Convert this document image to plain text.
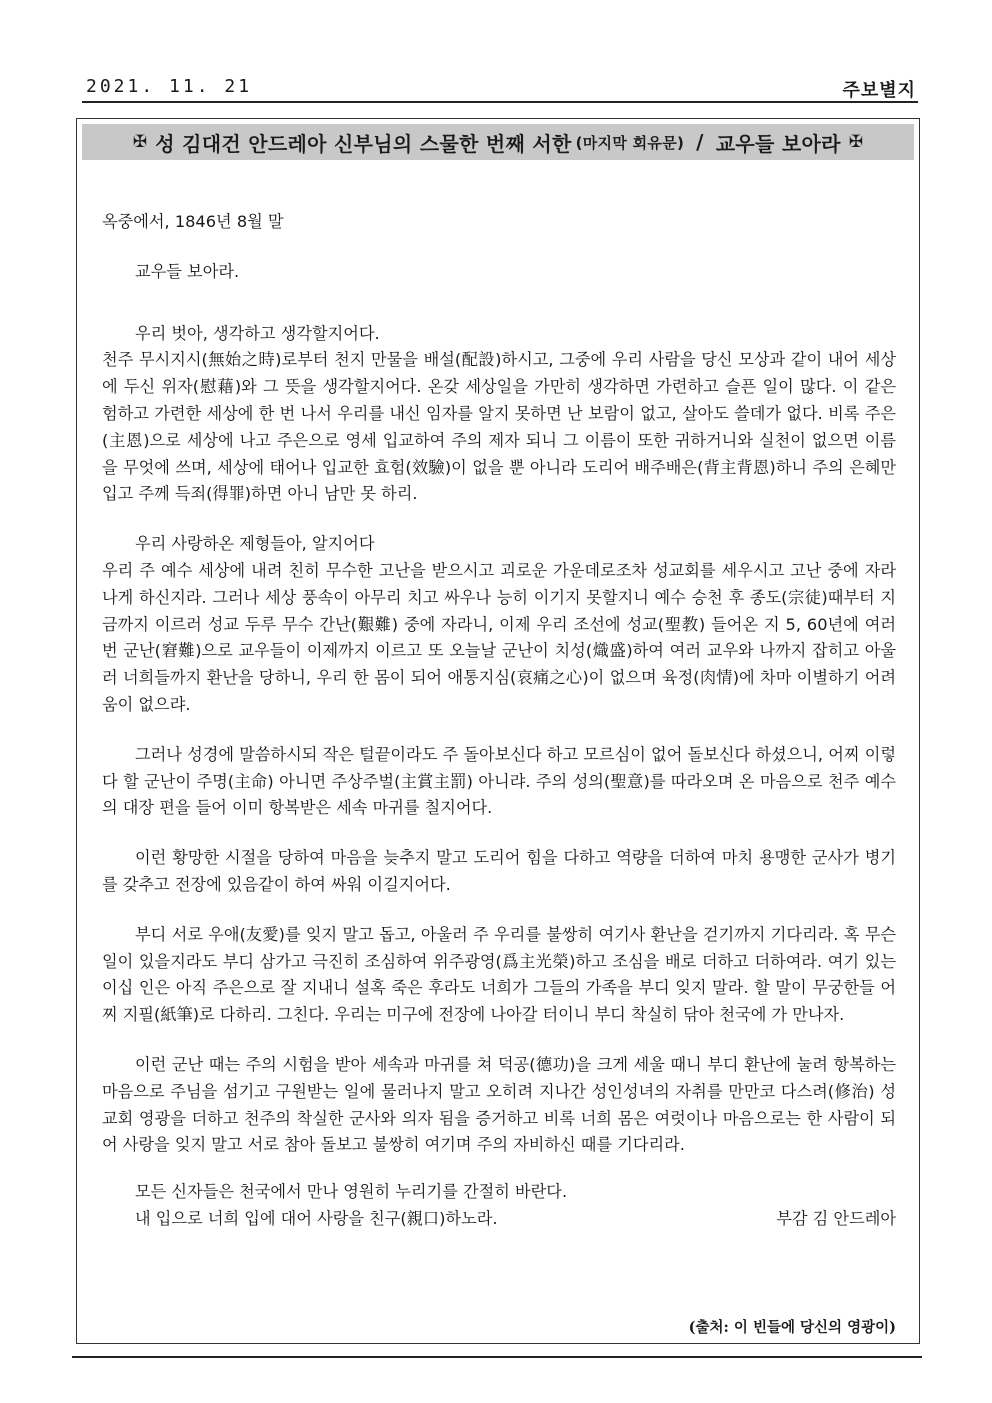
2021. 11. 21	주보별지
✠ 성 김대건 안드레아 신부님의 스물한 번째 서한 (마지막 회유문) / 교우들 보아라 ✠

옥중에서, 1846년 8월 말

교우들 보아라.

우리 벗아, 생각하고 생각할지어다.

천주 무시지시(無始之時)로부터 천지 만물을 배설(配設)하시고, 그중에 우리 사람을 당신 모상과 같이 내어 세상에 두신 위자(慰藉)와 그 뜻을 생각할지어다. 온갖 세상일을 가만히 생각하면 가련하고 슬픈 일이 많다. 이 같은 험하고 가련한 세상에 한 번 나서 우리를 내신 임자를 알지 못하면 난 보람이 없고, 살아도 쓸데가 없다. 비록 주은(主恩)으로 세상에 나고 주은으로 영세 입교하여 주의 제자 되니 그 이름이 또한 귀하거니와 실천이 없으면 이름을 무엇에 쓰며, 세상에 태어나 입교한 효험(效驗)이 없을 뿐 아니라 도리어 배주배은(背主背恩)하니 주의 은혜만 입고 주께 득죄(得罪)하면 아니 남만 못 하리.

우리 사랑하온 제형들아, 알지어다

우리 주 예수 세상에 내려 친히 무수한 고난을 받으시고 괴로운 가운데로조차 성교회를 세우시고 고난 중에 자라나게 하신지라. 그러나 세상 풍속이 아무리 치고 싸우나 능히 이기지 못할지니 예수 승천 후 종도(宗徒)때부터 지금까지 이르러 성교 두루 무수 간난(艱難) 중에 자라니, 이제 우리 조선에 성교(聖教) 들어온 지 5, 60년에 여러 번 군난(窘難)으로 교우들이 이제까지 이르고 또 오늘날 군난이 치성(熾盛)하여 여러 교우와 나까지 잡히고 아울러 너희들까지 환난을 당하니, 우리 한 몸이 되어 애통지심(哀痛之心)이 없으며 육정(肉情)에 차마 이별하기 어려움이 없으랴.

그러나 성경에 말씀하시되 작은 털끝이라도 주 돌아보신다 하고 모르심이 없어 돌보신다 하셨으니, 어찌 이렇다 할 군난이 주명(主命) 아니면 주상주벌(主賞主罰) 아니랴. 주의 성의(聖意)를 따라오며 온 마음으로 천주 예수의 대장 편을 들어 이미 항복받은 세속 마귀를 칠지어다.

이런 황망한 시절을 당하여 마음을 늦추지 말고 도리어 힘을 다하고 역량을 더하여 마치 용맹한 군사가 병기를 갖추고 전장에 있음같이 하여 싸워 이길지어다.

부디 서로 우애(友愛)를 잊지 말고 돕고, 아울러 주 우리를 불쌍히 여기사 환난을 걷기까지 기다리라. 혹 무슨 일이 있을지라도 부디 삼가고 극진히 조심하여 위주광영(爲主光榮)하고 조심을 배로 더하고 더하여라. 여기 있는 이십 인은 아직 주은으로 잘 지내니 설혹 죽은 후라도 너희가 그들의 가족을 부디 잊지 말라. 할 말이 무궁한들 어찌 지필(紙筆)로 다하리. 그친다. 우리는 미구에 전장에 나아갈 터이니 부디 착실히 닦아 천국에 가 만나자.

이런 군난 때는 주의 시험을 받아 세속과 마귀를 쳐 덕공(德功)을 크게 세울 때니 부디 환난에 눌려 항복하는 마음으로 주님을 섬기고 구원받는 일에 물러나지 말고 오히려 지나간 성인성녀의 자취를 만만코 다스려(修治) 성교회 영광을 더하고 천주의 착실한 군사와 의자 됨을 증거하고 비록 너희 몸은 여럿이나 마음으로는 한 사람이 되어 사랑을 잊지 말고 서로 참아 돌보고 불쌍히 여기며 주의 자비하신 때를 기다리라.

모든 신자들은 천국에서 만나 영원히 누리기를 간절히 바란다.

내 입으로 너희 입에 대어 사랑을 친구(親口)하노라.	부감 김 안드레아
(출처: 이 빈들에 당신의 영광이)
